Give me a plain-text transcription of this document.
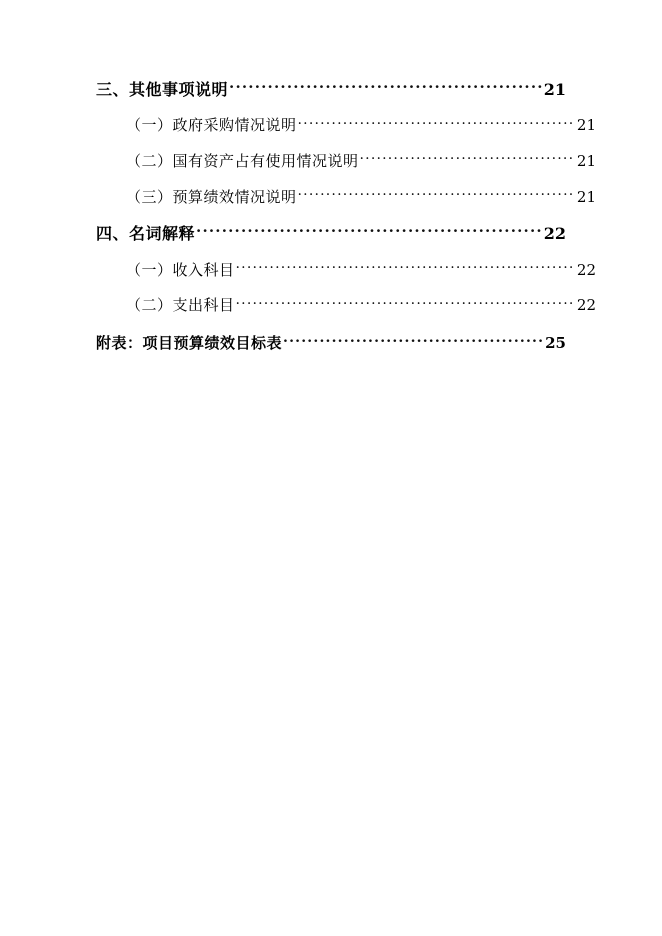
三、其他事项说明 .....	21
（一）政府采购情况说明 .....	21
（二）国有资产占有使用情况说明 .....	21
（三）预算绩效情况说明 .....	21
四、名词解释 .....	22
（一）收入科目 .....	22
（二）支出科目 .....	22
附表：项目预算绩效目标表 .....	25
